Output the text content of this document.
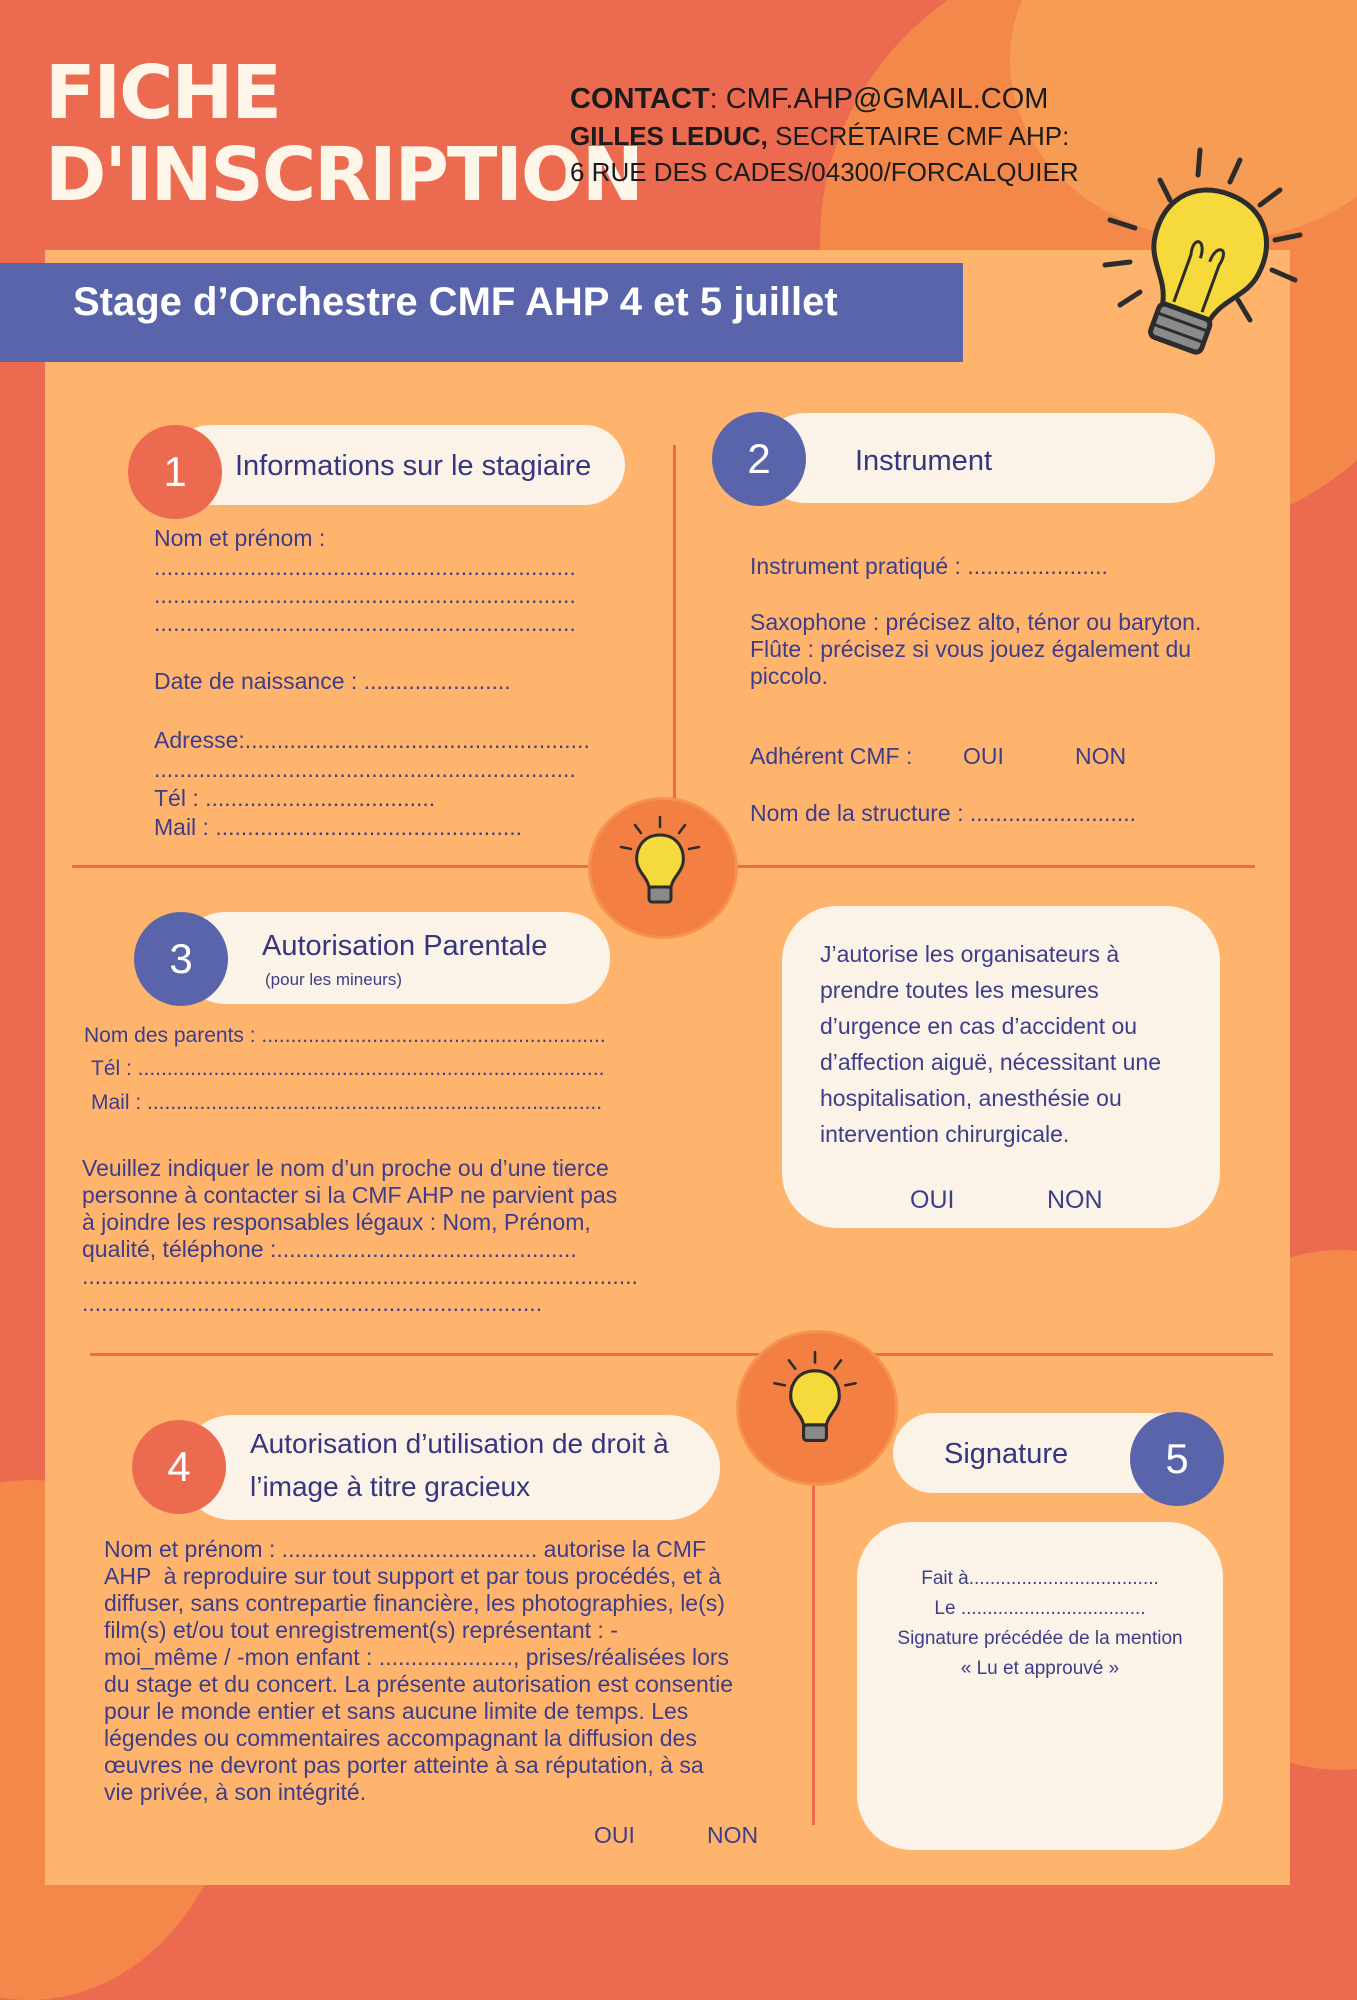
FICHE
D'INSCRIPTION
CONTACT: CMF.AHP@GMAIL.COM
GILLES LEDUC, SECRÉTAIRE CMF AHP:
6 RUE DES CADES/04300/FORCALQUIER
Stage d’Orchestre CMF AHP 4 et 5 juillet
1	Informations sur le stagiaire
Nom et prénom :
..................................................................
..................................................................
..................................................................
Date de naissance : .......................
Adresse:......................................................
..................................................................
Tél : ....................................
Mail : ................................................
2	Instrument
Instrument pratiqué : ......................
Saxophone : précisez alto, ténor ou baryton.
Flûte : précisez si vous jouez également du
piccolo.
Adhérent CMF : OUI	NON
Nom de la structure : ..........................
3	Autorisation Parentale
(pour les mineurs)
Nom des parents : ...........................................................
Tél : ................................................................................
Mail : ..............................................................................
Veuillez indiquer le nom d’un proche ou d’une tierce
personne à contacter si la CMF AHP ne parvient pas
à joindre les responsables légaux : Nom, Prénom,
qualité, téléphone :...............................................
.......................................................................................
........................................................................
J’autorise les organisateurs à
prendre toutes les mesures
d’urgence en cas d’accident ou
d’affection aiguë, nécessitant une
hospitalisation, anesthésie ou
intervention chirurgicale.
OUI	NON
4	Autorisation d’utilisation de droit à
l’image à titre gracieux
Nom et prénom : ........................................ autorise la CMF
AHP  à reproduire sur tout support et par tous procédés, et à
diffuser, sans contrepartie financière, les photographies, le(s)
film(s) et/ou tout enregistrement(s) représentant : -
moi_même / -mon enfant : ....................., prises/réalisées lors
du stage et du concert. La présente autorisation est consentie
pour le monde entier et sans aucune limite de temps. Les
légendes ou commentaires accompagnant la diffusion des
œuvres ne devront pas porter atteinte à sa réputation, à sa
vie privée, à son intégrité.
OUI	NON
5
Signature
Fait à....................................
Le ...................................
Signature précédée de la mention
« Lu et approuvé »
